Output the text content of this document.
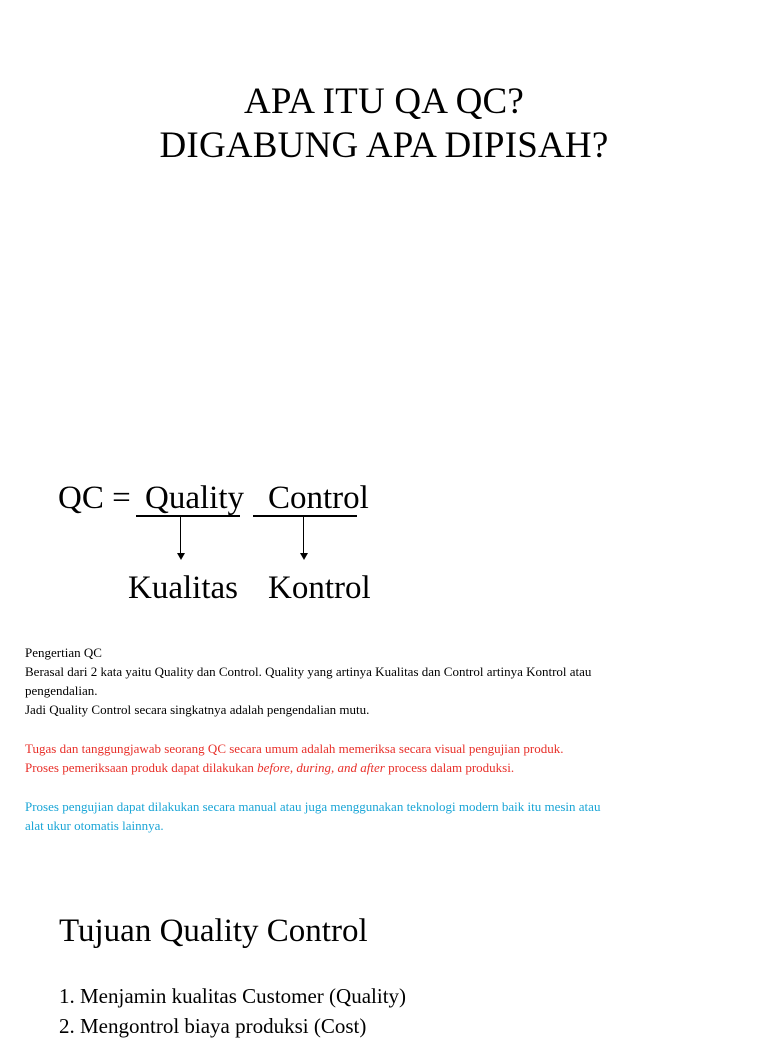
APA ITU QA QC?
DIGABUNG APA DIPISAH?
QC = Quality Control
Kualitas Kontrol
Pengertian QC
Berasal dari 2 kata yaitu Quality dan Control. Quality yang artinya Kualitas dan Control artinya Kontrol atau
pengendalian.
Jadi Quality Control secara singkatnya adalah pengendalian mutu.
Tugas dan tanggungjawab seorang QC secara umum adalah memeriksa secara visual pengujian produk.
Proses pemeriksaan produk dapat dilakukan before, during, and after process dalam produksi.
Proses pengujian dapat dilakukan secara manual atau juga menggunakan teknologi modern baik itu mesin atau
alat ukur otomatis lainnya.
Tujuan Quality Control
1. Menjamin kualitas Customer (Quality)
2. Mengontrol biaya produksi (Cost)
